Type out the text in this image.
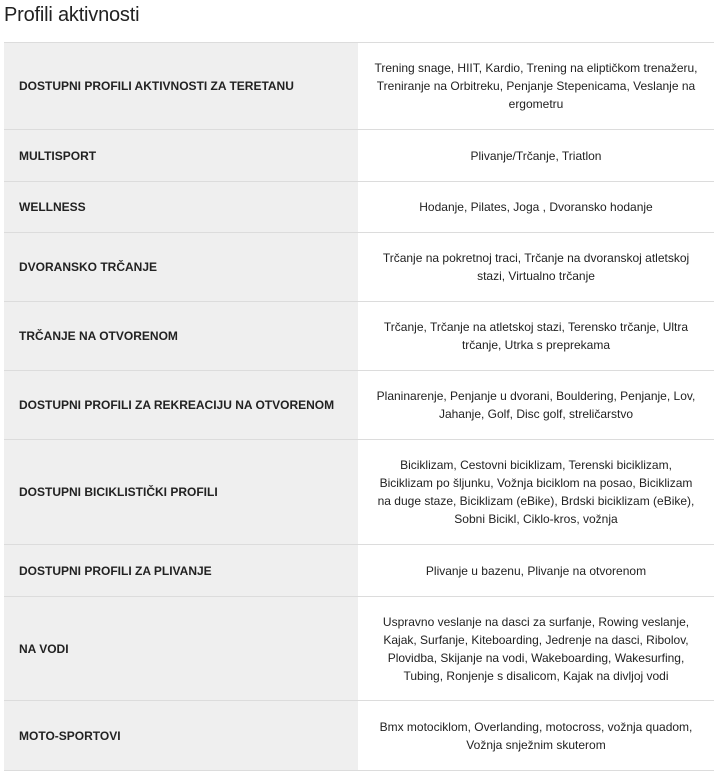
Profili aktivnosti
DOSTUPNI PROFILI AKTIVNOSTI ZA TERETANU	Trening snage, HIIT, Kardio, Trening na eliptičkom trenažeru, Treniranje na Orbitreku, Penjanje Stepenicama, Veslanje na ergometru
MULTISPORT	Plivanje/Trčanje, Triatlon
WELLNESS	Hodanje, Pilates, Joga , Dvoransko hodanje
DVORANSKO TRČANJE	Trčanje na pokretnoj traci, Trčanje na dvoranskoj atletskoj stazi, Virtualno trčanje
TRČANJE NA OTVORENOM	Trčanje, Trčanje na atletskoj stazi, Terensko trčanje, Ultra trčanje, Utrka s preprekama
DOSTUPNI PROFILI ZA REKREACIJU NA OTVORENOM	Planinarenje, Penjanje u dvorani, Bouldering, Penjanje, Lov, Jahanje, Golf, Disc golf, streličarstvo
DOSTUPNI BICIKLISTIČKI PROFILI	Biciklizam, Cestovni biciklizam, Terenski biciklizam, Biciklizam po šljunku, Vožnja biciklom na posao, Biciklizam na duge staze, Biciklizam (eBike), Brdski biciklizam (eBike), Sobni Bicikl, Ciklo-kros, vožnja
DOSTUPNI PROFILI ZA PLIVANJE	Plivanje u bazenu, Plivanje na otvorenom
NA VODI	Uspravno veslanje na dasci za surfanje, Rowing veslanje, Kajak, Surfanje, Kiteboarding, Jedrenje na dasci, Ribolov, Plovidba, Skijanje na vodi, Wakeboarding, Wakesurfing, Tubing, Ronjenje s disalicom, Kajak na divljoj vodi
MOTO-SPORTOVI	Bmx motociklom, Overlanding, motocross, vožnja quadom, Vožnja snježnim skuterom
